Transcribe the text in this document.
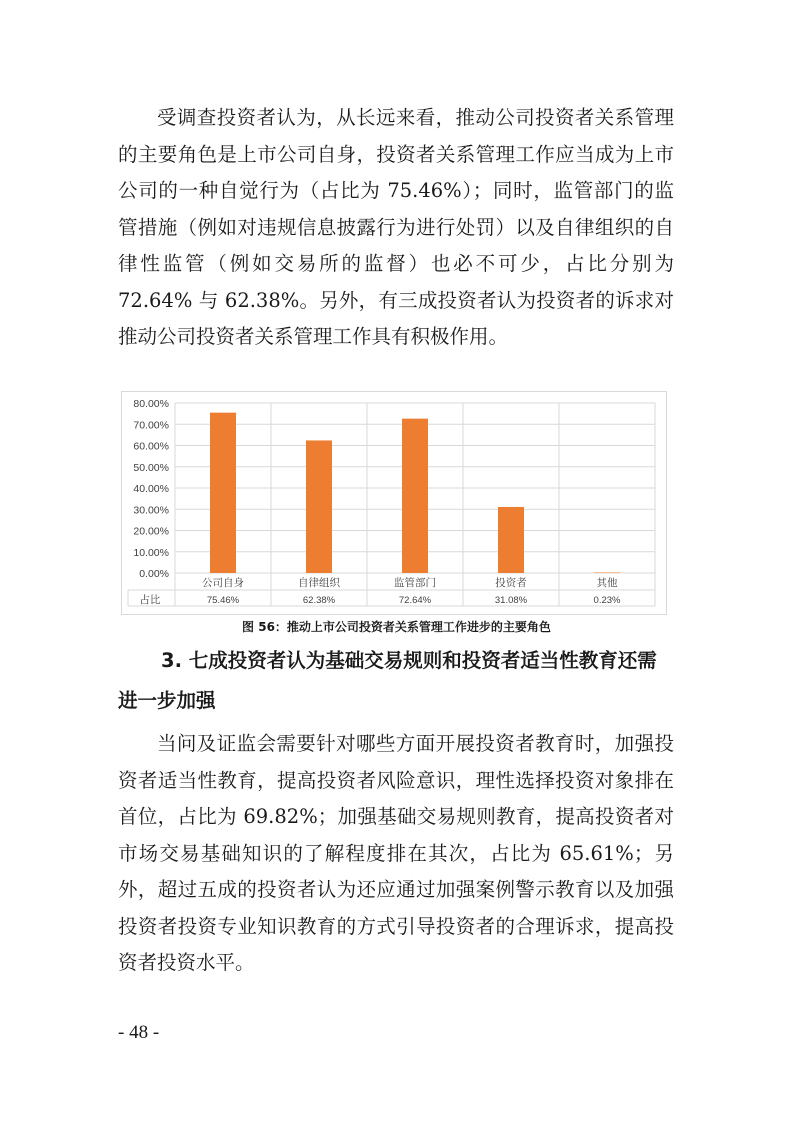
受调查投资者认为，从长远来看，推动公司投资者关系管理的主要角色是上市公司自身，投资者关系管理工作应当成为上市公司的一种自觉行为（占比为 75.46%）；同时，监管部门的监管措施（例如对违规信息披露行为进行处罚）以及自律组织的自律性监管（例如交易所的监督）也必不可少，占比分别为 72.64% 与 62.38%。另外，有三成投资者认为投资者的诉求对推动公司投资者关系管理工作具有积极作用。

0.00%
10.00%
20.00%
30.00%
40.00%
50.00%
60.00%
70.00%
80.00%
占比
公司自身
75.46%
自律组织
62.38%
监管部门
72.64%
投资者
31.08%
其他
0.23%
图 56：推动上市公司投资者关系管理工作进步的主要角色
3. 七成投资者认为基础交易规则和投资者适当性教育还需
进一步加强

当问及证监会需要针对哪些方面开展投资者教育时，加强投资者适当性教育，提高投资者风险意识，理性选择投资对象排在首位，占比为 69.82%；加强基础交易规则教育，提高投资者对市场交易基础知识的了解程度排在其次，占比为 65.61%；另外，超过五成的投资者认为还应通过加强案例警示教育以及加强投资者投资专业知识教育的方式引导投资者的合理诉求，提高投资者投资水平。

- 48 -
